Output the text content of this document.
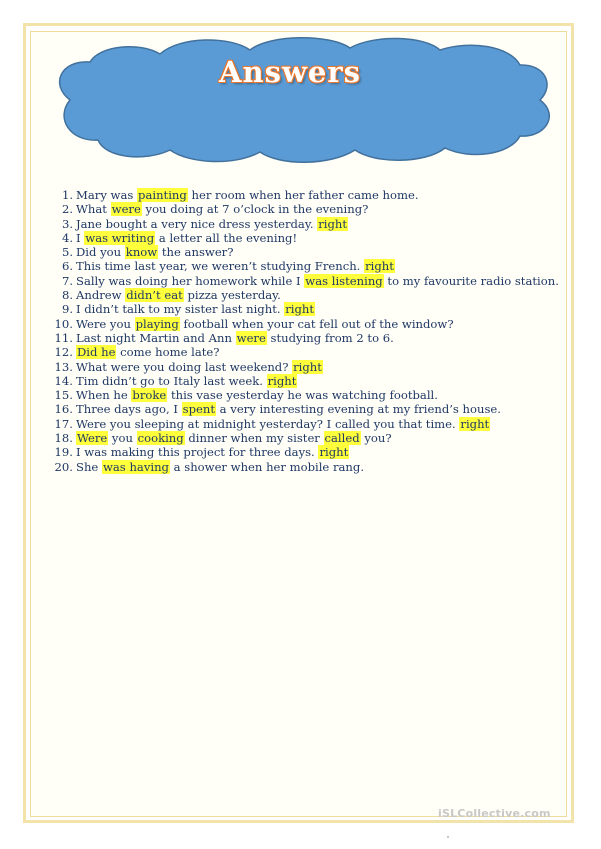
Answers
1. Mary was painting her room when her father came home.
2. What were you doing at 7 o’clock in the evening?
3. Jane bought a very nice dress yesterday. right
4. I was writing a letter all the evening!
5. Did you know the answer?
6. This time last year, we weren’t studying French. right
7. Sally was doing her homework while I was listening to my favourite radio station.
8. Andrew didn’t eat pizza yesterday.
9. I didn’t talk to my sister last night. right
10. Were you playing football when your cat fell out of the window?
11. Last night Martin and Ann were studying from 2 to 6.
12. Did he come home late?
13. What were you doing last weekend? right
14. Tim didn’t go to Italy last week. right
15. When he broke this vase yesterday he was watching football.
16. Three days ago, I spent a very interesting evening at my friend’s house.
17. Were you sleeping at midnight yesterday? I called you that time. right
18. Were you cooking dinner when my sister called you?
19. I was making this project for three days. right
20. She was having a shower when her mobile rang.
iSLCollective.com
